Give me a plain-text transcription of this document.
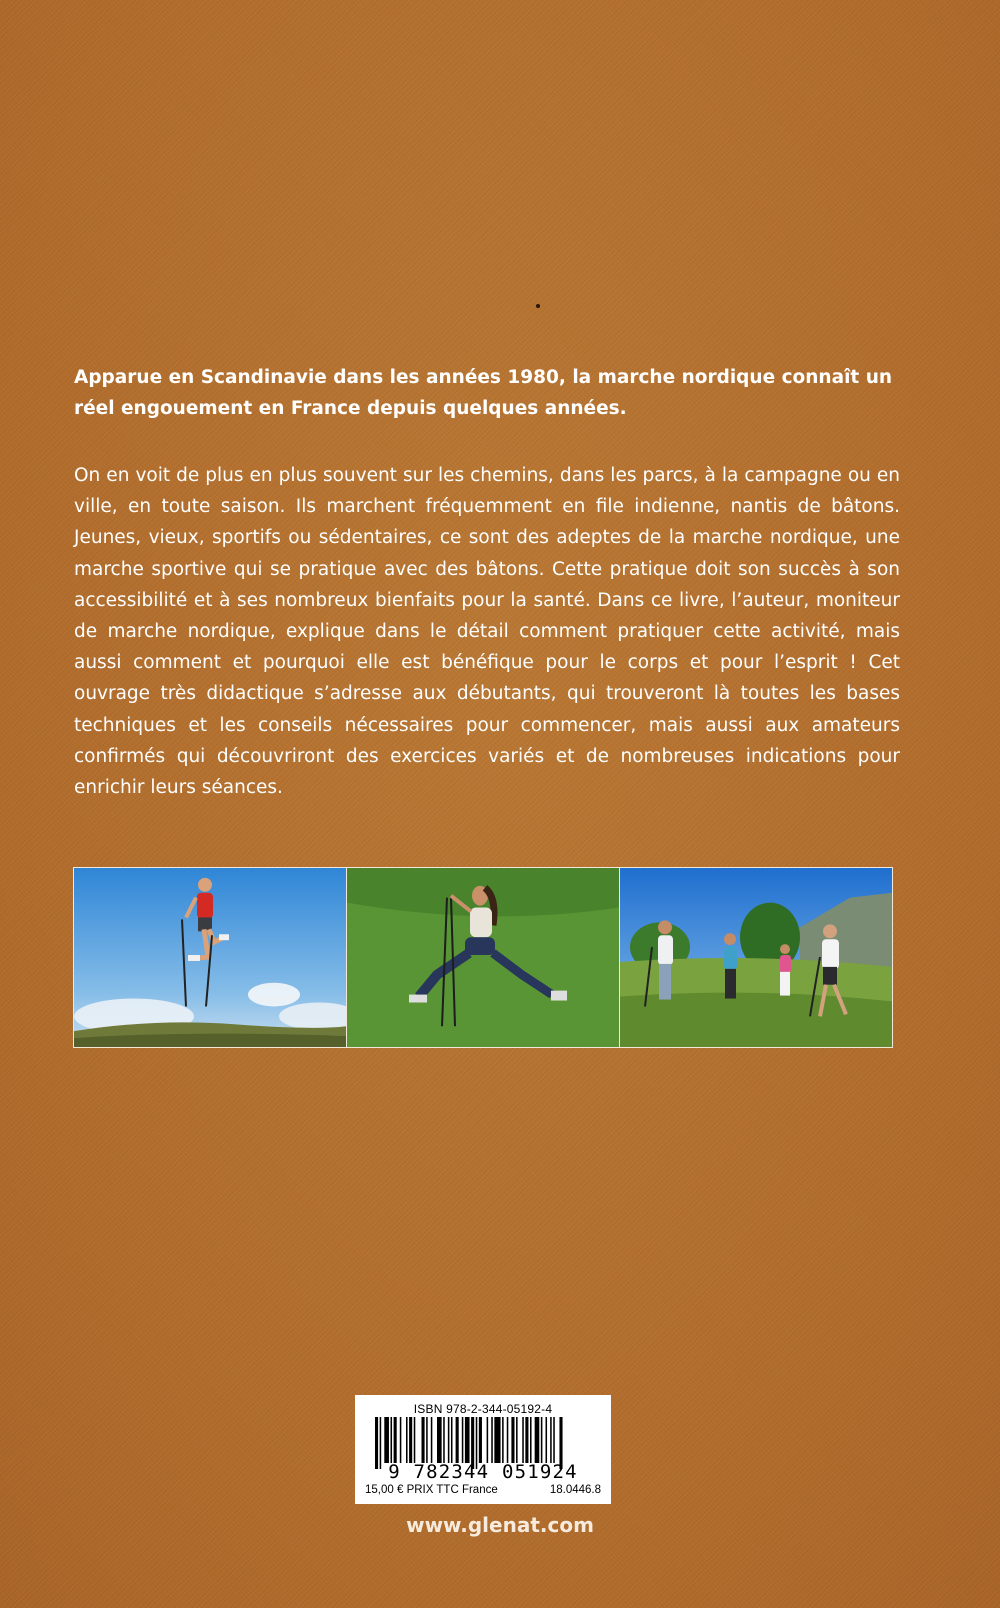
Apparue en Scandinavie dans les années 1980, la marche nordique connaît un réel engouement en France depuis quelques années.

On en voit de plus en plus souvent sur les chemins, dans les parcs, à la campagne ou en ville, en toute saison. Ils marchent fréquemment en file indienne, nantis de bâtons. Jeunes, vieux, sportifs ou sédentaires, ce sont des adeptes de la marche nordique, une marche sportive qui se pratique avec des bâtons. Cette pratique doit son succès à son accessibilité et à ses nombreux bienfaits pour la santé. Dans ce livre, l’auteur, moniteur de marche nordique, explique dans le détail comment pratiquer cette activité, mais aussi comment et pourquoi elle est bénéfique pour le corps et pour l’esprit ! Cet ouvrage très didactique s’adresse aux débutants, qui trouveront là toutes les bases techniques et les conseils nécessaires pour commencer, mais aussi aux amateurs confirmés qui découvriront des exercices variés et de nombreuses indications pour enrichir leurs séances.

ISBN 978-2-344-05192-4
9 782344 051924
15,00 € PRIX TTC France	18.0446.8
www.glenat.com
